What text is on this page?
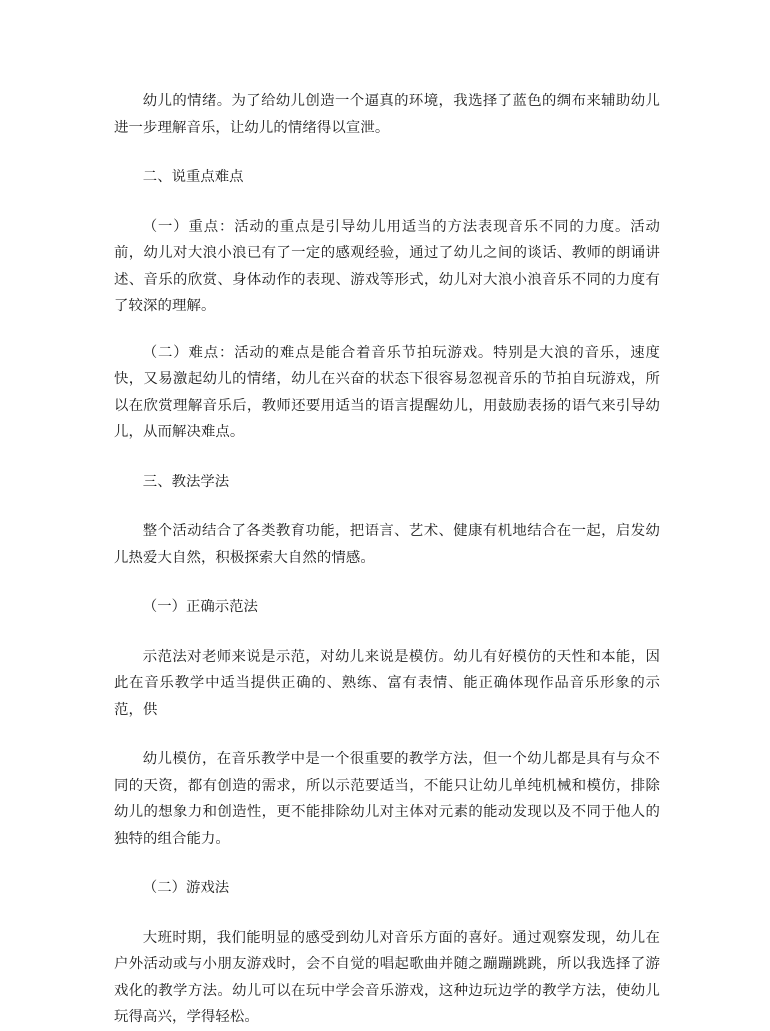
幼儿的情绪。为了给幼儿创造一个逼真的环境，我选择了蓝色的绸布来辅助幼儿进一步理解音乐，让幼儿的情绪得以宣泄。

二、说重点难点

（一）重点：活动的重点是引导幼儿用适当的方法表现音乐不同的力度。活动前，幼儿对大浪小浪已有了一定的感观经验，通过了幼儿之间的谈话、教师的朗诵讲述、音乐的欣赏、身体动作的表现、游戏等形式，幼儿对大浪小浪音乐不同的力度有了较深的理解。

（二）难点：活动的难点是能合着音乐节拍玩游戏。特别是大浪的音乐，速度快，又易激起幼儿的情绪，幼儿在兴奋的状态下很容易忽视音乐的节拍自玩游戏，所以在欣赏理解音乐后，教师还要用适当的语言提醒幼儿，用鼓励表扬的语气来引导幼儿，从而解决难点。

三、教法学法

整个活动结合了各类教育功能，把语言、艺术、健康有机地结合在一起，启发幼儿热爱大自然，积极探索大自然的情感。

（一）正确示范法

示范法对老师来说是示范，对幼儿来说是模仿。幼儿有好模仿的天性和本能，因此在音乐教学中适当提供正确的、熟练、富有表情、能正确体现作品音乐形象的示范，供

幼儿模仿，在音乐教学中是一个很重要的教学方法，但一个幼儿都是具有与众不同的天资，都有创造的需求，所以示范要适当，不能只让幼儿单纯机械和模仿，排除幼儿的想象力和创造性，更不能排除幼儿对主体对元素的能动发现以及不同于他人的独特的组合能力。

（二）游戏法

大班时期，我们能明显的感受到幼儿对音乐方面的喜好。通过观察发现，幼儿在户外活动或与小朋友游戏时，会不自觉的唱起歌曲并随之蹦蹦跳跳，所以我选择了游戏化的教学方法。幼儿可以在玩中学会音乐游戏，这种边玩边学的教学方法，使幼儿玩得高兴，学得轻松。
